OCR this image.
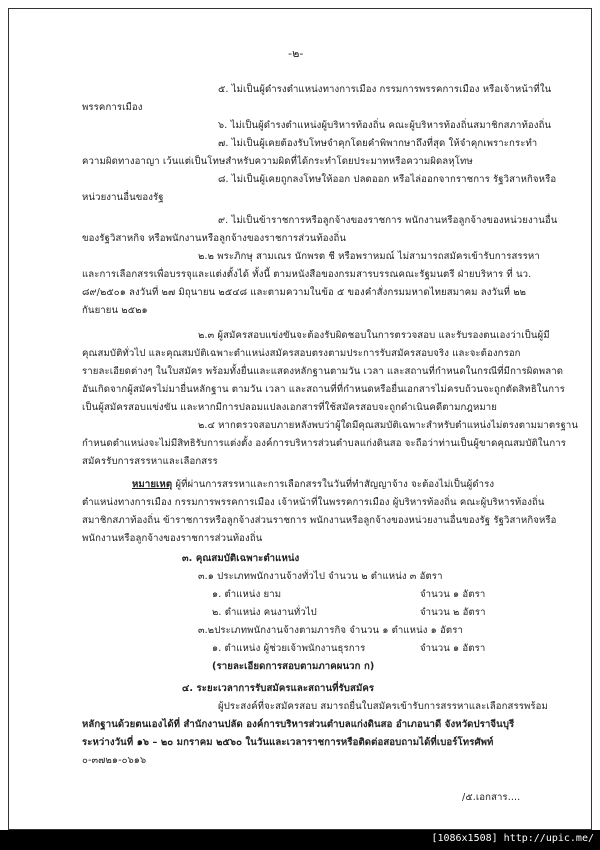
-๒-
๕. ไม่เป็นผู้ดำรงตำแหน่งทางการเมือง กรรมการพรรคการเมือง หรือเจ้าหน้าที่ใน
พรรคการเมือง
๖. ไม่เป็นผู้ดำรงตำแหน่งผู้บริหารท้องถิ่น คณะผู้บริหารท้องถิ่นสมาชิกสภาท้องถิ่น
๗. ไม่เป็นผู้เคยต้องรับโทษจำคุกโดยคำพิพากษาถึงที่สุด ให้จำคุกเพราะกระทำ
ความผิดทางอาญา เว้นแต่เป็นโทษสำหรับความผิดที่ได้กระทำโดยประมาทหรือความผิดลหุโทษ
๘. ไม่เป็นผู้เคยถูกลงโทษให้ออก ปลดออก หรือไล่ออกจากราชการ รัฐวิสาหกิจหรือ
หน่วยงานอื่นของรัฐ
๙. ไม่เป็นข้าราชการหรือลูกจ้างของราชการ พนักงานหรือลูกจ้างของหน่วยงานอื่น
ของรัฐวิสาหกิจ หรือพนักงานหรือลูกจ้างของราชการส่วนท้องถิ่น
๒.๒ พระภิกษุ สามเณร นักพรต ชี หรือพราหมณ์ ไม่สามารถสมัครเข้ารับการสรรหา
และการเลือกสรรเพื่อบรรจุและแต่งตั้งได้ ทั้งนี้ ตามหนังสือของกรมสารบรรณคณะรัฐมนตรี ฝ่ายบริหาร ที่ นว.
๘๙/๒๕๐๑ ลงวันที่ ๒๗ มิถุนายน ๒๕๔๘ และตามความในข้อ ๕ ของคำสั่งกรมมหาดไทยสมาคม ลงวันที่ ๒๒
กันยายน ๒๕๒๑
๒.๓ ผู้สมัครสอบแข่งขันจะต้องรับผิดชอบในการตรวจสอบ และรับรองตนเองว่าเป็นผู้มี
คุณสมบัติทั่วไป และคุณสมบัติเฉพาะตำแหน่งสมัครสอบตรงตามประการรับสมัครสอบจริง และจะต้องกรอก
รายละเอียดต่างๆ ในใบสมัคร พร้อมทั้งยื่นและแสดงหลักฐานตามวัน เวลา และสถานที่กำหนดในกรณีที่มีการผิดพลาด
อันเกิดจากผู้สมัครไม่มายื่นหลักฐาน ตามวัน เวลา และสถานที่ที่กำหนดหรือยื่นเอกสารไม่ครบถ้วนจะถูกตัดสิทธิในการ
เป็นผู้สมัครสอบแข่งขัน และหากมีการปลอมแปลงเอกสารที่ใช้สมัครสอบจะถูกดำเนินคดีตามกฎหมาย
๒.๔ หากตรวจสอบภายหลังพบว่าผู้ใดมีคุณสมบัติเฉพาะสำหรับตำแหน่งไม่ตรงตามมาตรฐาน
กำหนดตำแหน่งจะไม่มีสิทธิรับการแต่งตั้ง องค์การบริหารส่วนตำบลแก่งดินสอ จะถือว่าท่านเป็นผู้ขาดคุณสมบัติในการ
สมัครรับการสรรหาและเลือกสรร
หมายเหตุ ผู้ที่ผ่านการสรรหาและการเลือกสรรในวันที่ทำสัญญาจ้าง จะต้องไม่เป็นผู้ดำรง
ตำแหน่งทางการเมือง กรรมการพรรคการเมือง เจ้าหน้าที่ในพรรคการเมือง ผู้บริหารท้องถิ่น คณะผู้บริหารท้องถิ่น
สมาชิกสภาท้องถิ่น ข้าราชการหรือลูกจ้างส่วนราชการ พนักงานหรือลูกจ้างของหน่วยงานอื่นของรัฐ รัฐวิสาหกิจหรือ
พนักงานหรือลูกจ้างของราชการส่วนท้องถิ่น
๓. คุณสมบัติเฉพาะตำแหน่ง
๓.๑ ประเภทพนักงานจ้างทั่วไป จำนวน ๒ ตำแหน่ง ๓ อัตรา
๑. ตำแหน่ง ยาม	จำนวน ๑ อัตรา
๒. ตำแหน่ง คนงานทั่วไป	จำนวน ๒ อัตรา
๓.๒ประเภทพนักงานจ้างตามภารกิจ จำนวน ๑ ตำแหน่ง ๑ อัตรา
๑. ตำแหน่ง ผู้ช่วยเจ้าพนักงานธุรการ	จำนวน ๑ อัตรา
(รายละเอียดการสอบตามภาคผนวก ก)
๔. ระยะเวลาการรับสมัครและสถานที่รับสมัคร
ผู้ประสงค์ที่จะสมัครสอบ สมารถยื่นใบสมัครเข้ารับการสรรหาและเลือกสรรพร้อม
หลักฐานด้วยตนเองได้ที่ สำนักงานปลัด องค์การบริหารส่วนตำบลแก่งดินสอ อำเภอนาดี จังหวัดปราจีนบุรี
ระหว่างวันที่ ๑๖ – ๒๐ มกราคม ๒๕๖๐ ในวันและเวลาราชการหรือติดต่อสอบถามได้ที่เบอร์โทรศัพท์
๐-๓๗๒๑-๐๖๑๖
/๕.เอกสาร....
[1086x1508] http://upic.me/
